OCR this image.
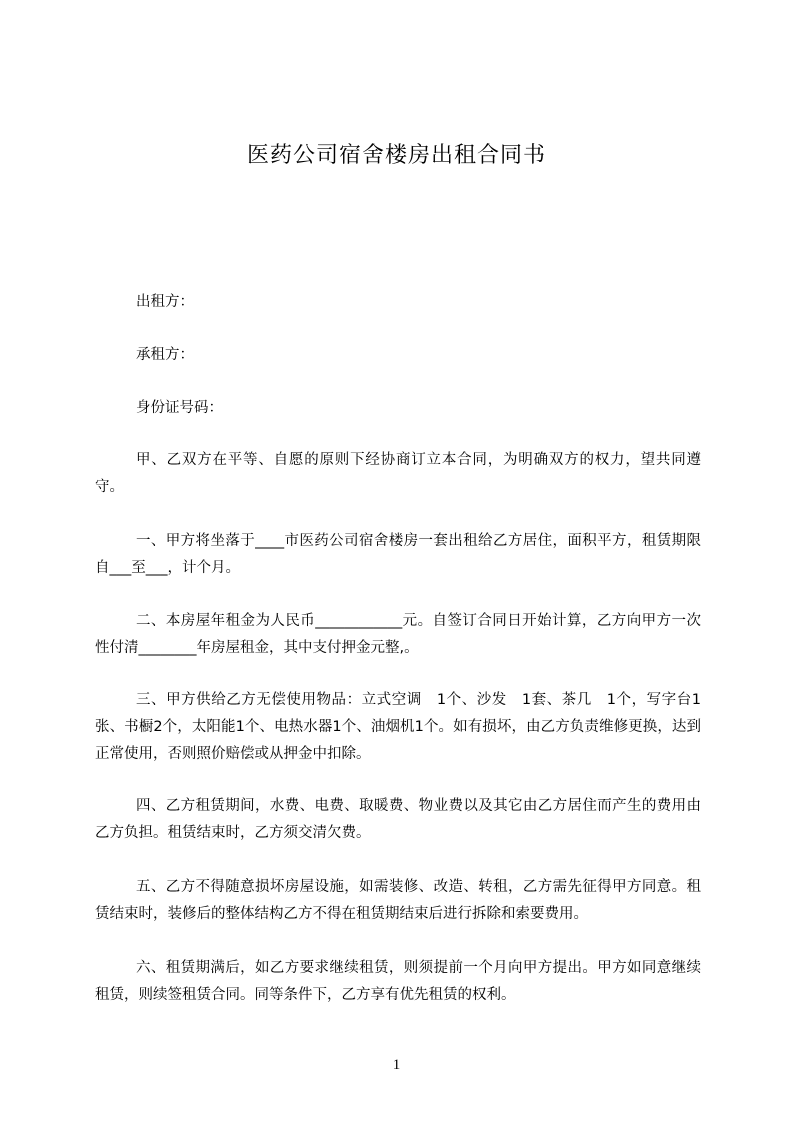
医药公司宿舍楼房出租合同书
出租方：
承租方：
身份证号码：
甲、乙双方在平等、自愿的原则下经协商订立本合同，为明确双方的权力，望共同遵守。
一、甲方将坐落于____市医药公司宿舍楼房一套出租给乙方居住，面积平方，租赁期限自___至___，计个月。
二、本房屋年租金为人民币____________元。自签订合同日开始计算，乙方向甲方一次性付清________年房屋租金，其中支付押金元整,。
三、甲方供给乙方无偿使用物品：立式空调　1个、沙发　1套、茶几　1个，写字台1张、书橱2个，太阳能1个、电热水器1个、油烟机1个。如有损坏，由乙方负责维修更换，达到正常使用，否则照价赔偿或从押金中扣除。
四、乙方租赁期间，水费、电费、取暖费、物业费以及其它由乙方居住而产生的费用由乙方负担。租赁结束时，乙方须交清欠费。
五、乙方不得随意损坏房屋设施，如需装修、改造、转租，乙方需先征得甲方同意。租赁结束时，装修后的整体结构乙方不得在租赁期结束后进行拆除和索要费用。
六、租赁期满后，如乙方要求继续租赁，则须提前一个月向甲方提出。甲方如同意继续租赁，则续签租赁合同。同等条件下，乙方享有优先租赁的权利。
1
